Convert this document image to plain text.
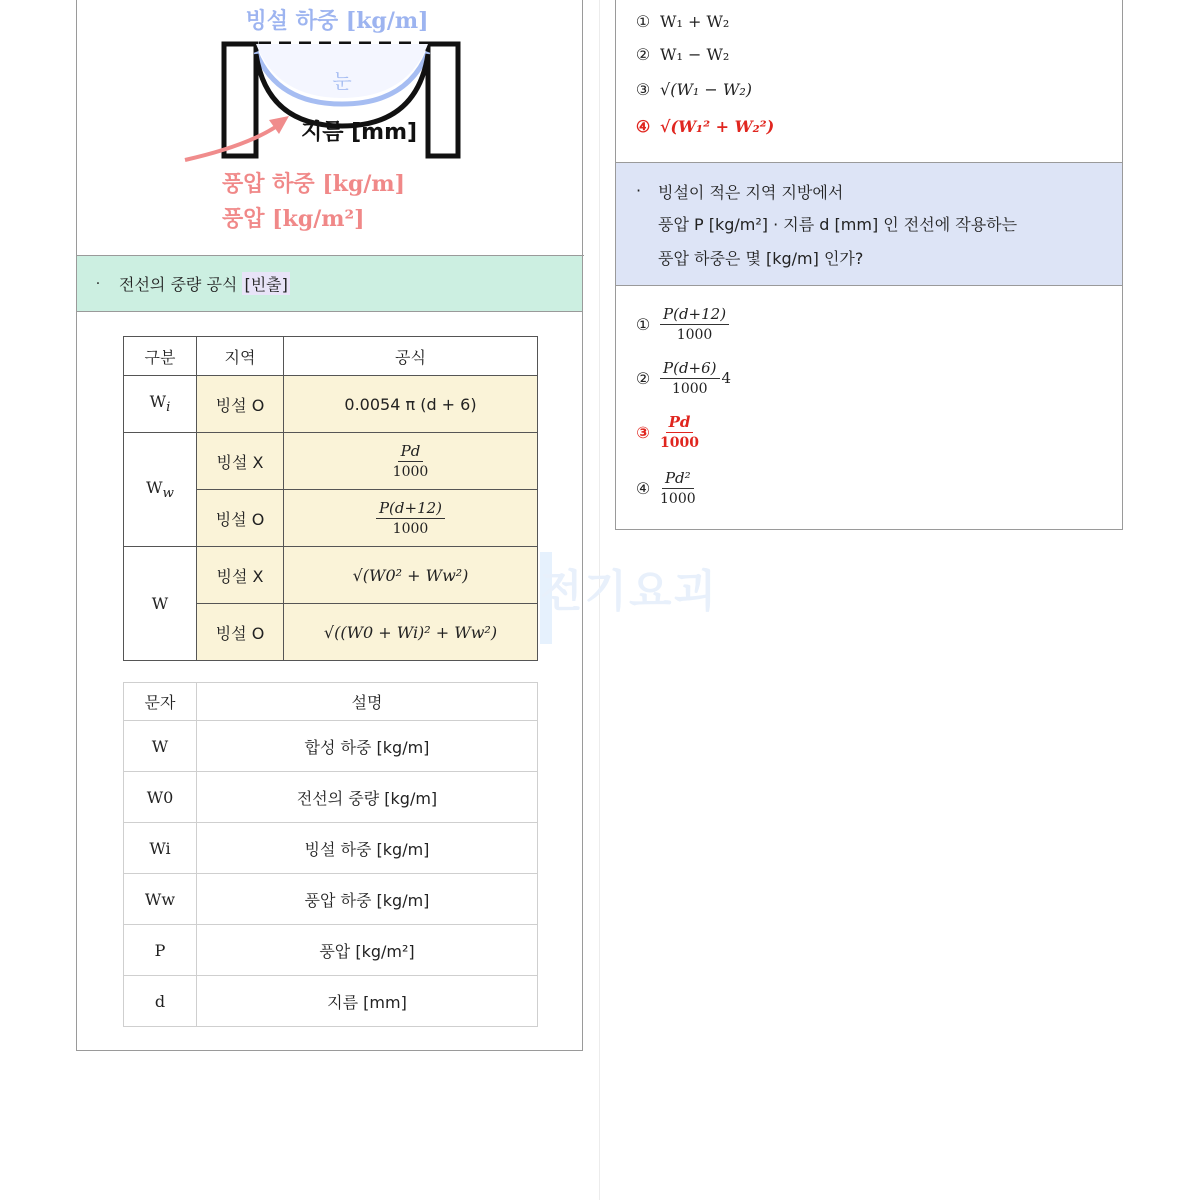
전기요괴
빙설 하중 [kg/m]
눈
지름 [mm]
풍압 하중 [kg/m]
풍압 [kg/m²]
·	전선의 중량 공식
[빈출]
구분	지역	공식
$W_i$	빙설 O	0.0054 π (d + 6)
$W_w$	빙설 X	$\frac{Pd}{1000}$

	빙설 O	$\frac{P(d+12)}{1000}$

W	빙설 X	√(W0² + Ww²)
	빙설 O	√((W0 + Wi)² + Ww²)
문자	설명
W	합성 하중 [kg/m]
W0	전선의 중량 [kg/m]
Wi	빙설 하중 [kg/m]
Ww	풍압 하중 [kg/m]
P	풍압 [kg/m²]
d	지름 [mm]
① W₁ + W₂
② W₁ − W₂
③ √(W₁ − W₂)
④ √(W₁² + W₂²)
· 빙설이 적은 지역 지방에서
풍압 P [kg/m²] · 지름 d [mm] 인 전선에 작용하는
풍압 하중은 몇 [kg/m] 인가?
① $\frac{P(d+12)}{1000}$
② $\frac{P(d+6)}{1000} 4$
③ $\frac{Pd}{1000}$
④ $\frac{\text{Pd²}}{1000}$
